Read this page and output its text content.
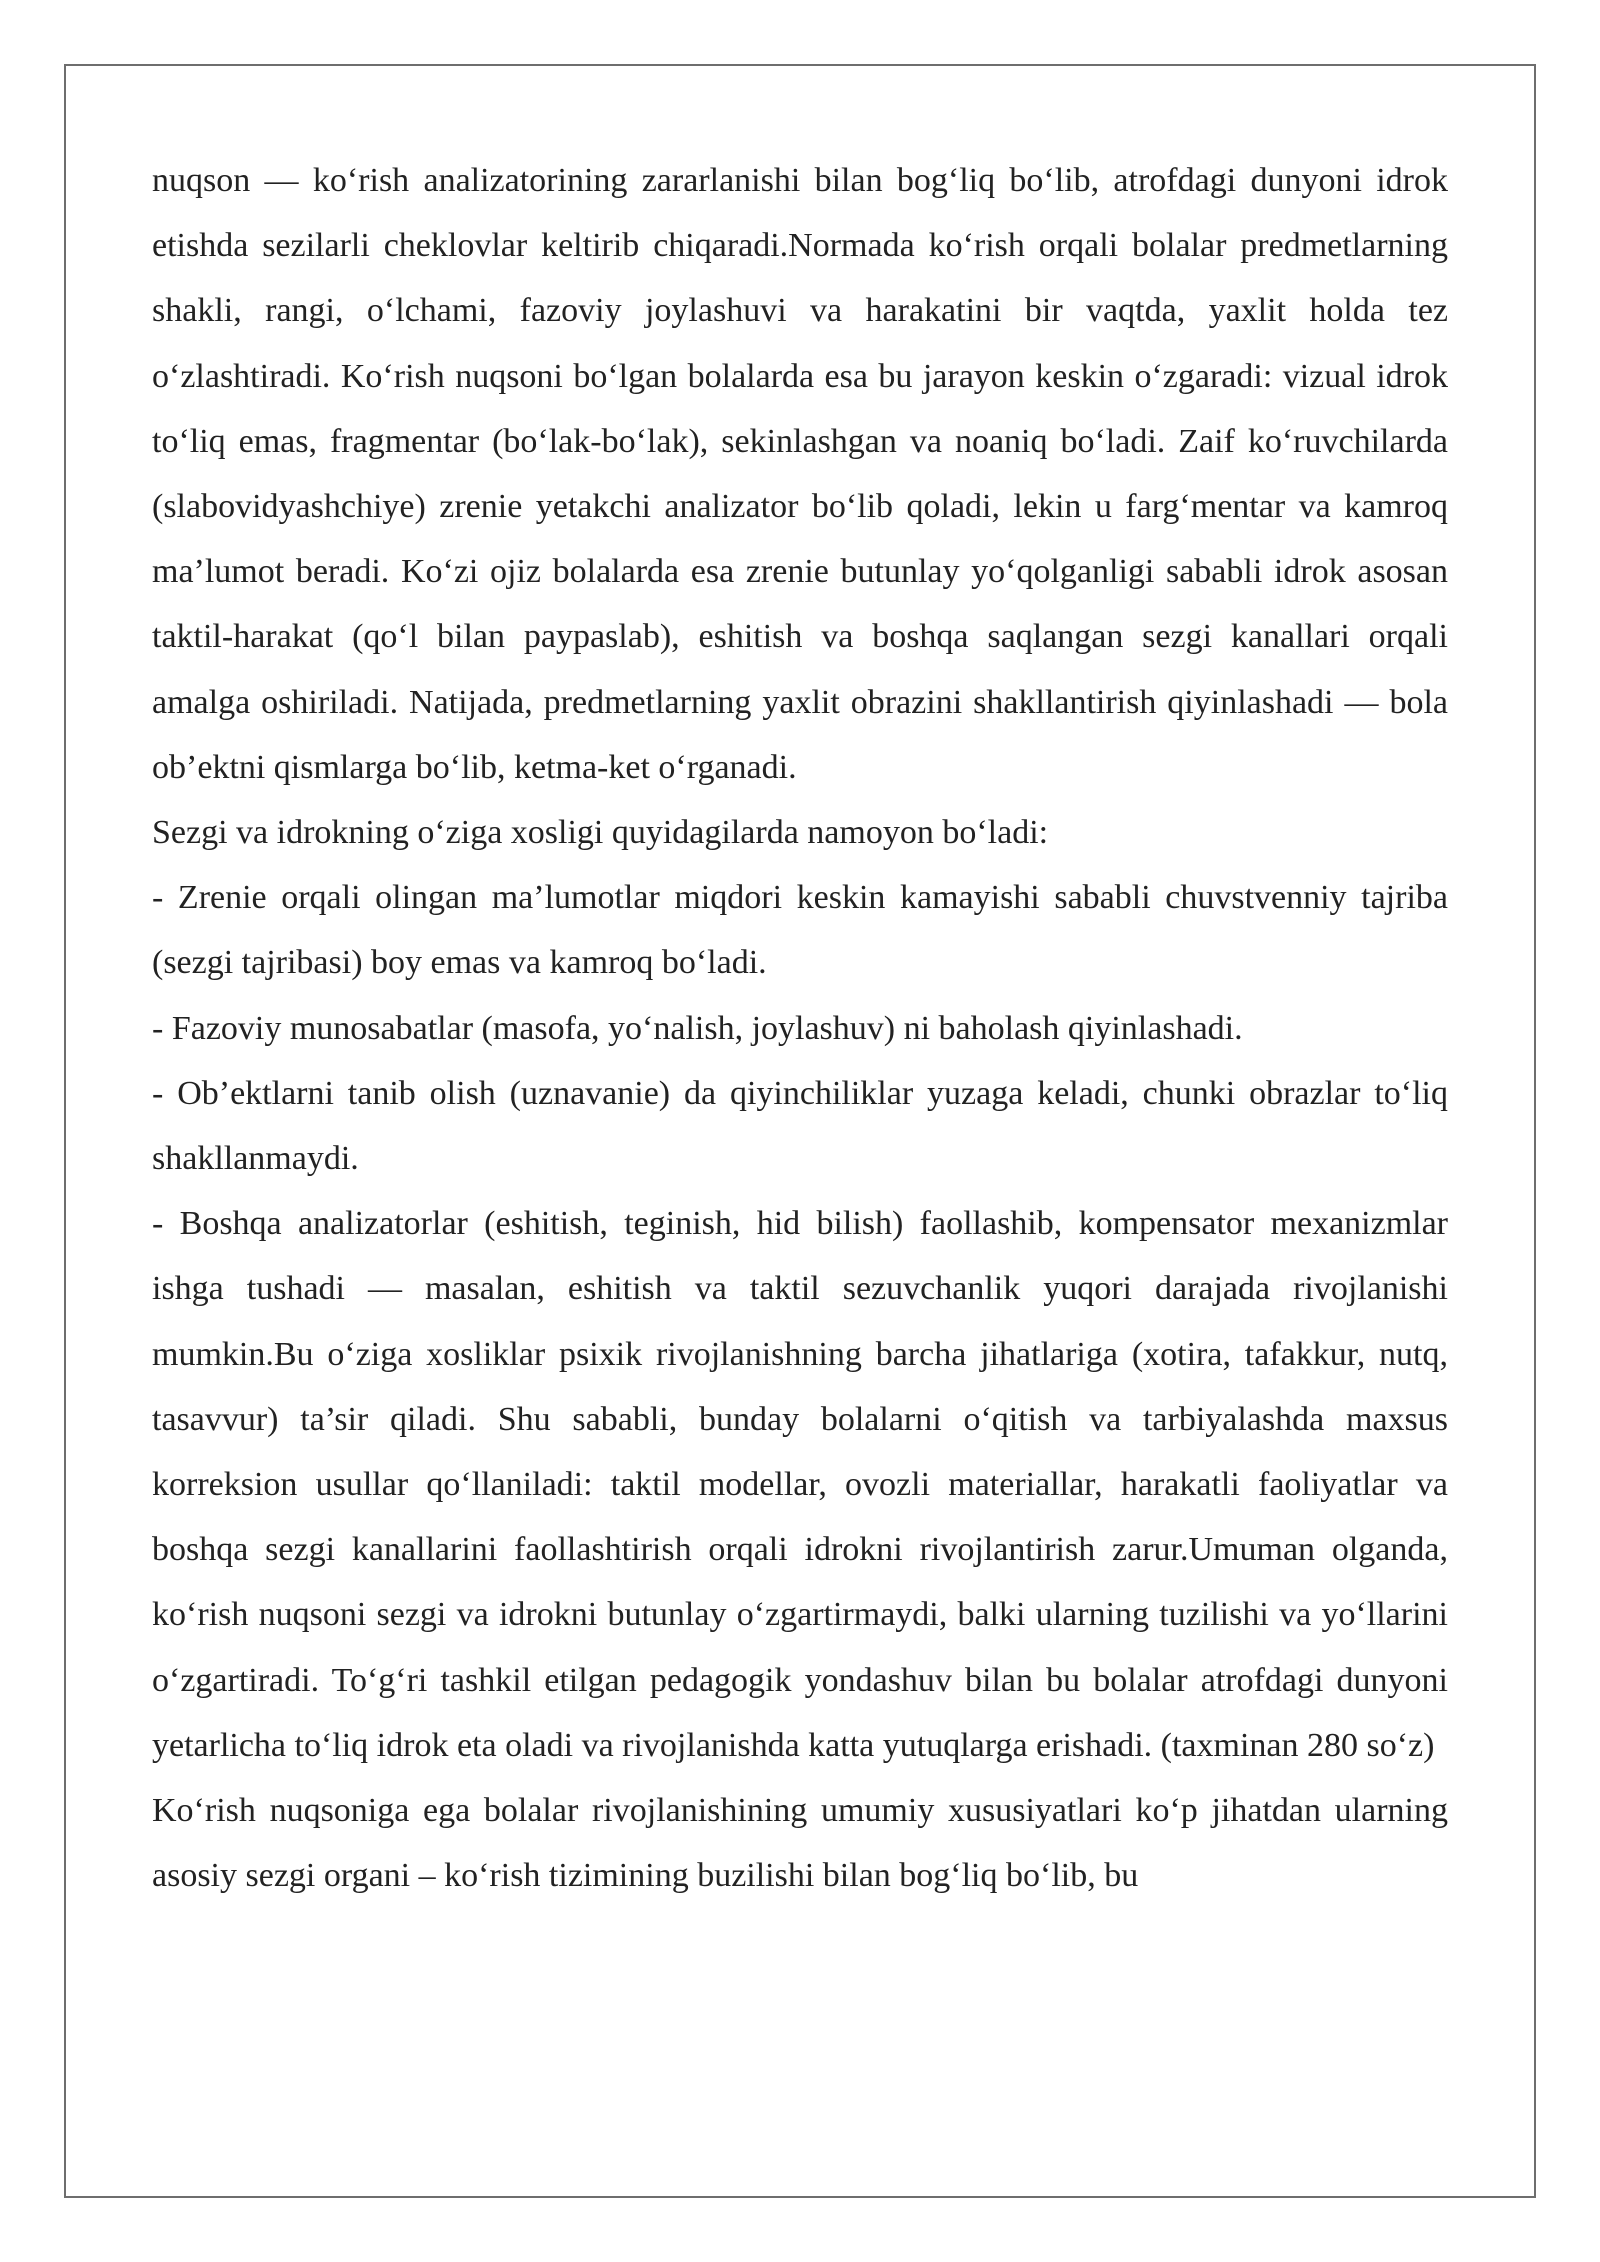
nuqson — ko‘rish analizatorining zararlanishi bilan bog‘liq bo‘lib, atrofdagi dunyoni idrok etishda sezilarli cheklovlar keltirib chiqaradi.Normada ko‘rish orqali bolalar predmetlarning shakli, rangi, o‘lchami, fazoviy joylashuvi va harakatini bir vaqtda, yaxlit holda tez o‘zlashtiradi. Ko‘rish nuqsoni bo‘lgan bolalarda esa bu jarayon keskin o‘zgaradi: vizual idrok to‘liq emas, fragmentar (bo‘lak-bo‘lak), sekinlashgan va noaniq bo‘ladi. Zaif ko‘ruvchilarda (slabovidyashchiye) zrenie yetakchi analizator bo‘lib qoladi, lekin u farg‘mentar va kamroq ma’lumot beradi. Ko‘zi ojiz bolalarda esa zrenie butunlay yo‘qolganligi sababli idrok asosan taktil-harakat (qo‘l bilan paypaslab), eshitish va boshqa saqlangan sezgi kanallari orqali amalga oshiriladi. Natijada, predmetlarning yaxlit obrazini shakllantirish qiyinlashadi — bola ob’ektni qismlarga bo‘lib, ketma-ket o‘rganadi.

Sezgi va idrokning o‘ziga xosligi quyidagilarda namoyon bo‘ladi:

- Zrenie orqali olingan ma’lumotlar miqdori keskin kamayishi sababli chuvstvenniy tajriba (sezgi tajribasi) boy emas va kamroq bo‘ladi.

- Fazoviy munosabatlar (masofa, yo‘nalish, joylashuv) ni baholash qiyinlashadi.

- Ob’ektlarni tanib olish (uznavanie) da qiyinchiliklar yuzaga keladi, chunki obrazlar to‘liq shakllanmaydi.

- Boshqa analizatorlar (eshitish, teginish, hid bilish) faollashib, kompensator mexanizmlar ishga tushadi — masalan, eshitish va taktil sezuvchanlik yuqori darajada rivojlanishi mumkin.Bu o‘ziga xosliklar psixik rivojlanishning barcha jihatlariga (xotira, tafakkur, nutq, tasavvur) ta’sir qiladi. Shu sababli, bunday bolalarni o‘qitish va tarbiyalashda maxsus korreksion usullar qo‘llaniladi: taktil modellar, ovozli materiallar, harakatli faoliyatlar va boshqa sezgi kanallarini faollashtirish orqali idrokni rivojlantirish zarur.Umuman olganda, ko‘rish nuqsoni sezgi va idrokni butunlay o‘zgartirmaydi, balki ularning tuzilishi va yo‘llarini o‘zgartiradi. To‘g‘ri tashkil etilgan pedagogik yondashuv bilan bu bolalar atrofdagi dunyoni yetarlicha to‘liq idrok eta oladi va rivojlanishda katta yutuqlarga erishadi. (taxminan 280 so‘z)

Ko‘rish nuqsoniga ega bolalar rivojlanishining umumiy xususiyatlari ko‘p jihatdan ularning asosiy sezgi organi – ko‘rish tizimining buzilishi bilan bog‘liq bo‘lib, bu
